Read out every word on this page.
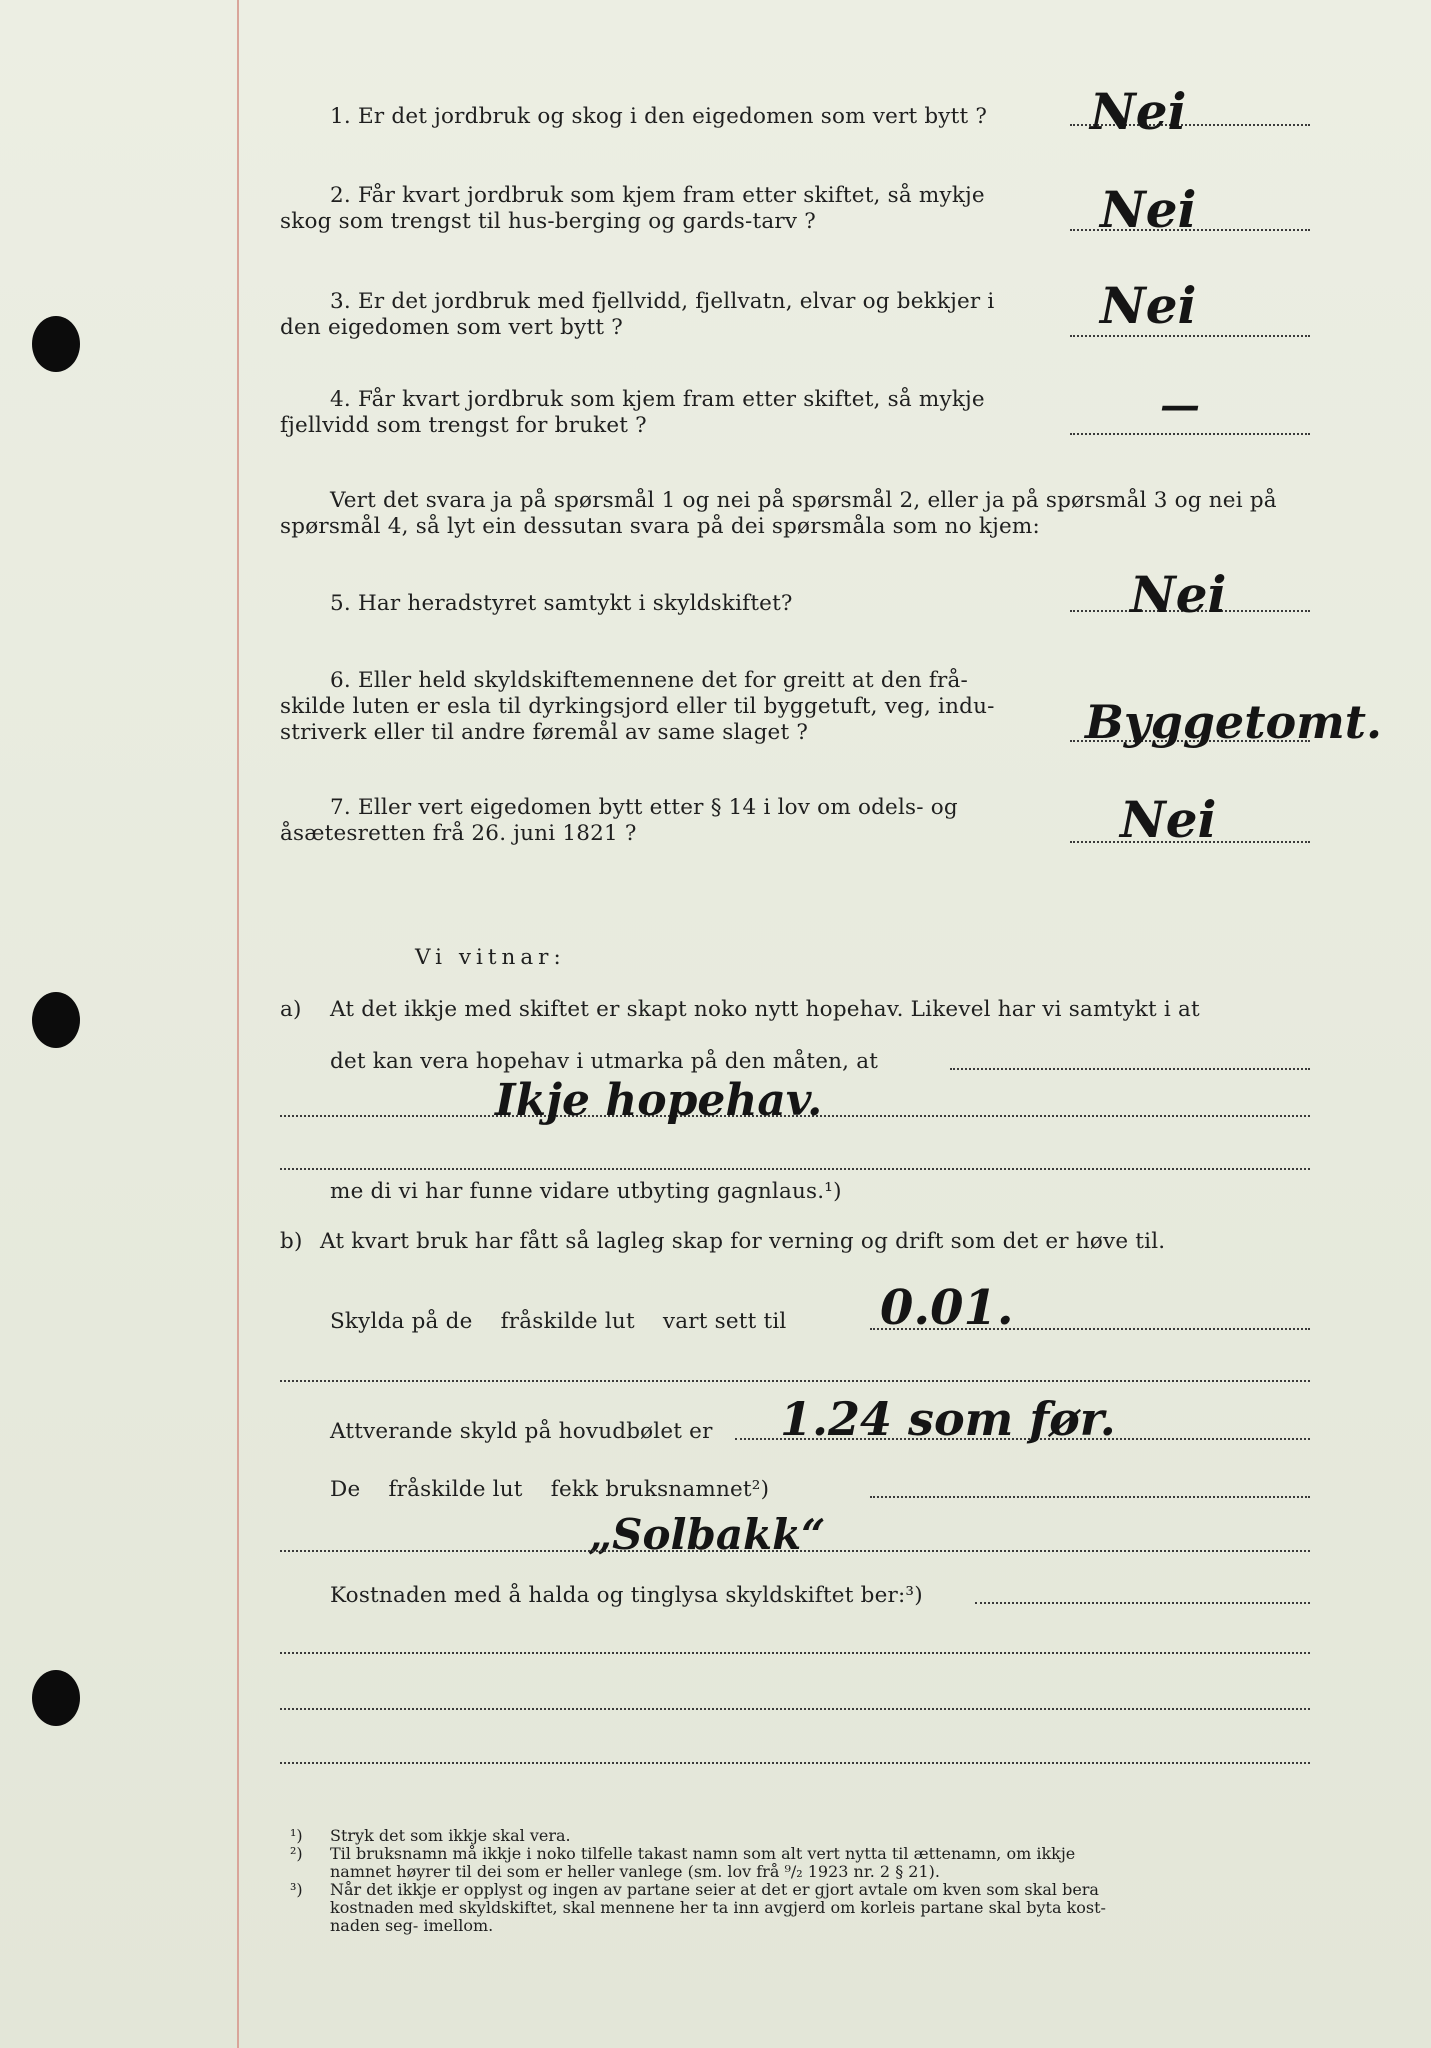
1. Er det jordbruk og skog i den eigedomen som vert bytt ? Nei
2. Får kvart jordbruk som kjem fram etter skiftet, så mykje
skog som trengst til hus-berging og gards-tarv ?	Nei
3. Er det jordbruk med fjellvidd, fjellvatn, elvar og bekkjer i
den eigedomen som vert bytt ?	Nei
4. Får kvart jordbruk som kjem fram etter skiftet, så mykje
fjellvidd som trengst for bruket ?	—
Vert det svara ja på spørsmål 1 og nei på spørsmål 2, eller ja på spørsmål 3 og nei på
spørsmål 4, så lyt ein dessutan svara på dei spørsmåla som no kjem:
5. Har heradstyret samtykt i skyldskiftet?	Nei
6. Eller held skyldskiftemennene det for greitt at den frå-
skilde luten er esla til dyrkingsjord eller til byggetuft, veg, indu-
striverk eller til andre føremål av same slaget ?	Byggetomt.
7. Eller vert eigedomen bytt etter § 14 i lov om odels- og
åsætesretten frå 26. juni 1821 ?	Nei
Vi vitnar:
a) At det ikkje med skiftet er skapt noko nytt hopehav. Likevel har vi samtykt i at
det kan vera hopehav i utmarka på den måten, at
Ikje hopehav.
me di vi har funne vidare utbyting gagnlaus.¹)
b) At kvart bruk har fått så lagleg skap for verning og drift som det er høve til.
Skylda på de    fråskilde lut    vart sett til 0.01.
Attverande skyld på hovudbølet er 1.24 som før.
De    fråskilde lut    fekk bruksnamnet²)
„Solbakk“
Kostnaden med å halda og tinglysa skyldskiftet ber:³)
¹) Stryk det som ikkje skal vera.
²) Til bruksnamn må ikkje i noko tilfelle takast namn som alt vert nytta til ættenamn, om ikkje
namnet høyrer til dei som er heller vanlege (sm. lov frå ⁹/₂ 1923 nr. 2 § 21).
³) Når det ikkje er opplyst og ingen av partane seier at det er gjort avtale om kven som skal bera
kostnaden med skyldskiftet, skal mennene her ta inn avgjerd om korleis partane skal byta kost-
naden seg- imellom.
